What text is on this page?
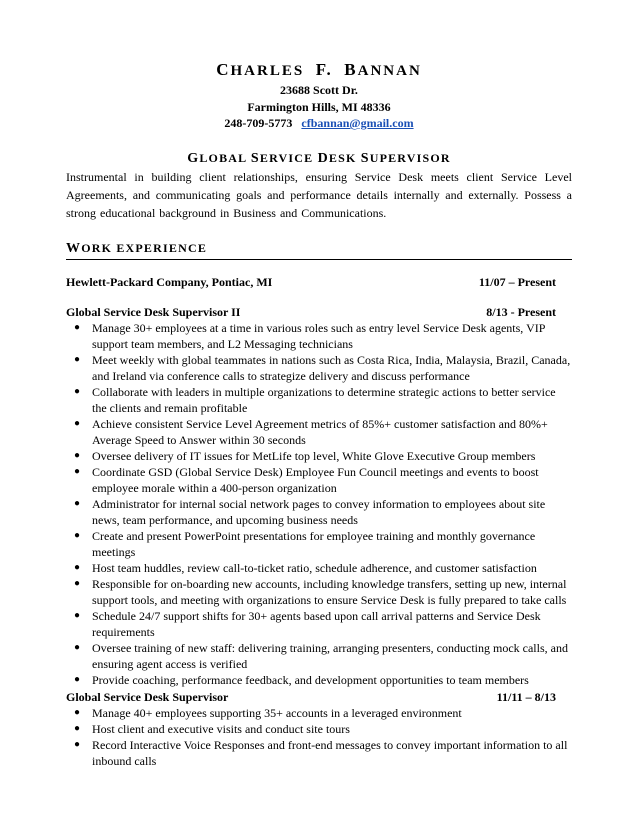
CHARLES F. BANNAN
23688 Scott Dr.
Farmington Hills, MI 48336
248-709-5773 cfbannan@gmail.com
GLOBAL SERVICE DESK SUPERVISOR
Instrumental in building client relationships, ensuring Service Desk meets client Service Level Agreements, and communicating goals and performance details internally and externally. Possess a strong educational background in Business and Communications.
WORK EXPERIENCE
Hewlett-Packard Company, Pontiac, MI	11/07 – Present
Global Service Desk Supervisor II	8/13 - Present
● Manage 30+ employees at a time in various roles such as entry level Service Desk agents, VIP support team members, and L2 Messaging technicians
● Meet weekly with global teammates in nations such as Costa Rica, India, Malaysia, Brazil, Canada, and Ireland via conference calls to strategize delivery and discuss performance
● Collaborate with leaders in multiple organizations to determine strategic actions to better service the clients and remain profitable
● Achieve consistent Service Level Agreement metrics of 85%+ customer satisfaction and 80%+ Average Speed to Answer within 30 seconds
● Oversee delivery of IT issues for MetLife top level, White Glove Executive Group members
● Coordinate GSD (Global Service Desk) Employee Fun Council meetings and events to boost employee morale within a 400-person organization
● Administrator for internal social network pages to convey information to employees about site news, team performance, and upcoming business needs
● Create and present PowerPoint presentations for employee training and monthly governance meetings
● Host team huddles, review call-to-ticket ratio, schedule adherence, and customer satisfaction
● Responsible for on-boarding new accounts, including knowledge transfers, setting up new, internal support tools, and meeting with organizations to ensure Service Desk is fully prepared to take calls
● Schedule 24/7 support shifts for 30+ agents based upon call arrival patterns and Service Desk requirements
● Oversee training of new staff: delivering training, arranging presenters, conducting mock calls, and ensuring agent access is verified
● Provide coaching, performance feedback, and development opportunities to team members
Global Service Desk Supervisor	11/11 – 8/13
● Manage 40+ employees supporting 35+ accounts in a leveraged environment
● Host client and executive visits and conduct site tours
● Record Interactive Voice Responses and front-end messages to convey important information to all inbound calls
